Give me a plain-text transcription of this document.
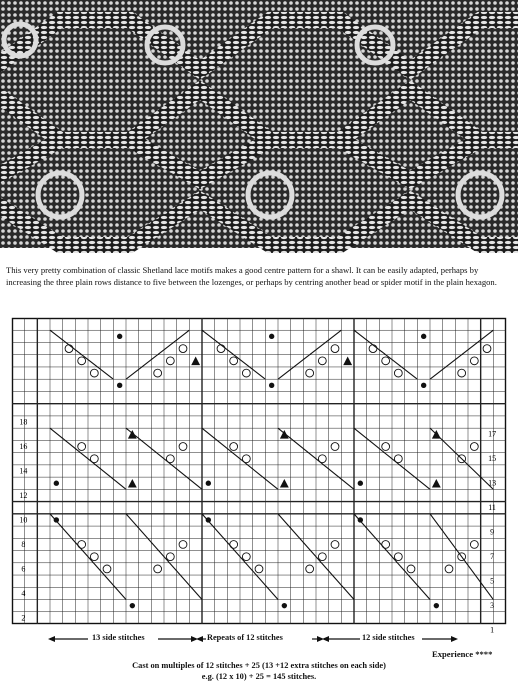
This very pretty combination of classic Shetland lace motifs makes a good centre pattern for a shawl. It can be easily adapted, perhaps by increasing the three plain rows distance to five between the lozenges, or perhaps by centring another bead or spider motif in the plain hexagon.

18
16
14
12
10
8
6
4
2
17
15
13
11
9
7
5
3
1
13 side stitches	Repeats of 12 stitches	12 side stitches
Experience ****
Cast on multiples of 12 stitches + 25 (13 +12 extra stitches on each side)
e.g. (12 x 10) + 25 = 145 stitches.
